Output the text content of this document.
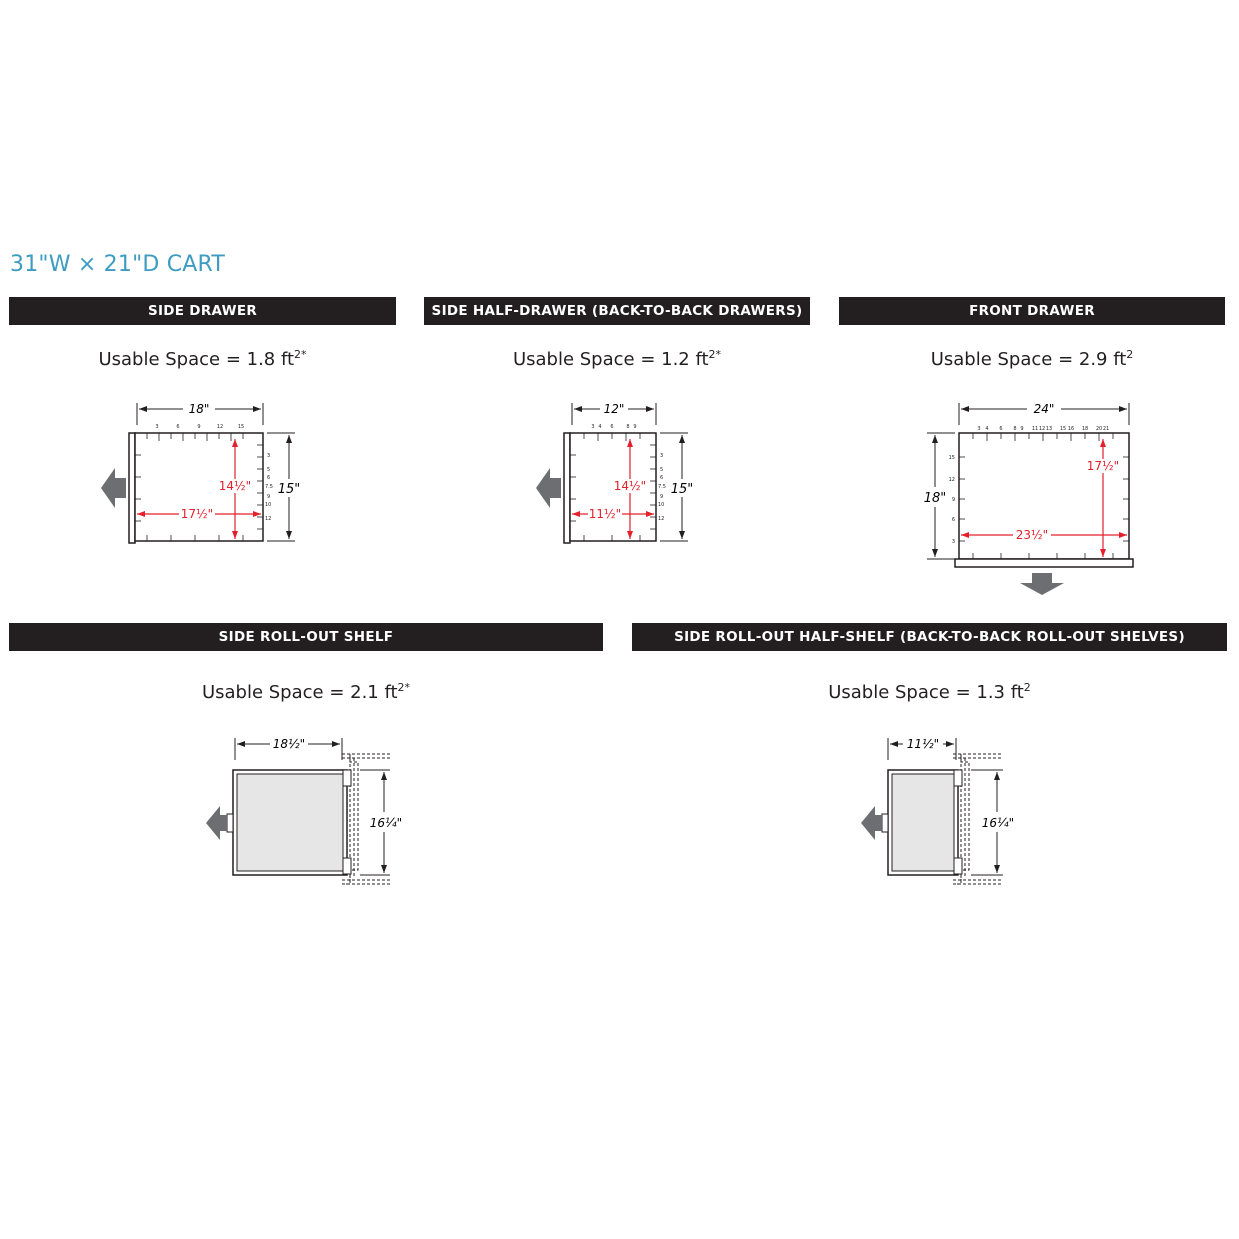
31"W × 21"D CART
SIDE DRAWER
Usable Space = 1.8 $ft^{2*}$
18"
3	6	9	12	15
3
5
6
7.5
9
10
12
14½"
17½"
15"
SIDE HALF-DRAWER (BACK-TO-BACK DRAWERS)
Usable Space = 1.2 $ft^{2*}$
12"
3 4 6	8 9
3
5
6
7.5
9
10
12
14½"
11½"
15"
FRONT DRAWER
Usable Space = 2.9 $ft^2$
24"
3 4 6 8 9 11 12 13 15 16 18 20 21
15
12
9
6
3
17½"
23½"
18"
SIDE ROLL-OUT SHELF
Usable Space = 2.1 $ft^{2*}$
18½"
16¼"
SIDE ROLL-OUT HALF-SHELF (BACK-TO-BACK ROLL-OUT SHELVES)
Usable Space = 1.3 $ft^2$
11½"
16¼"
